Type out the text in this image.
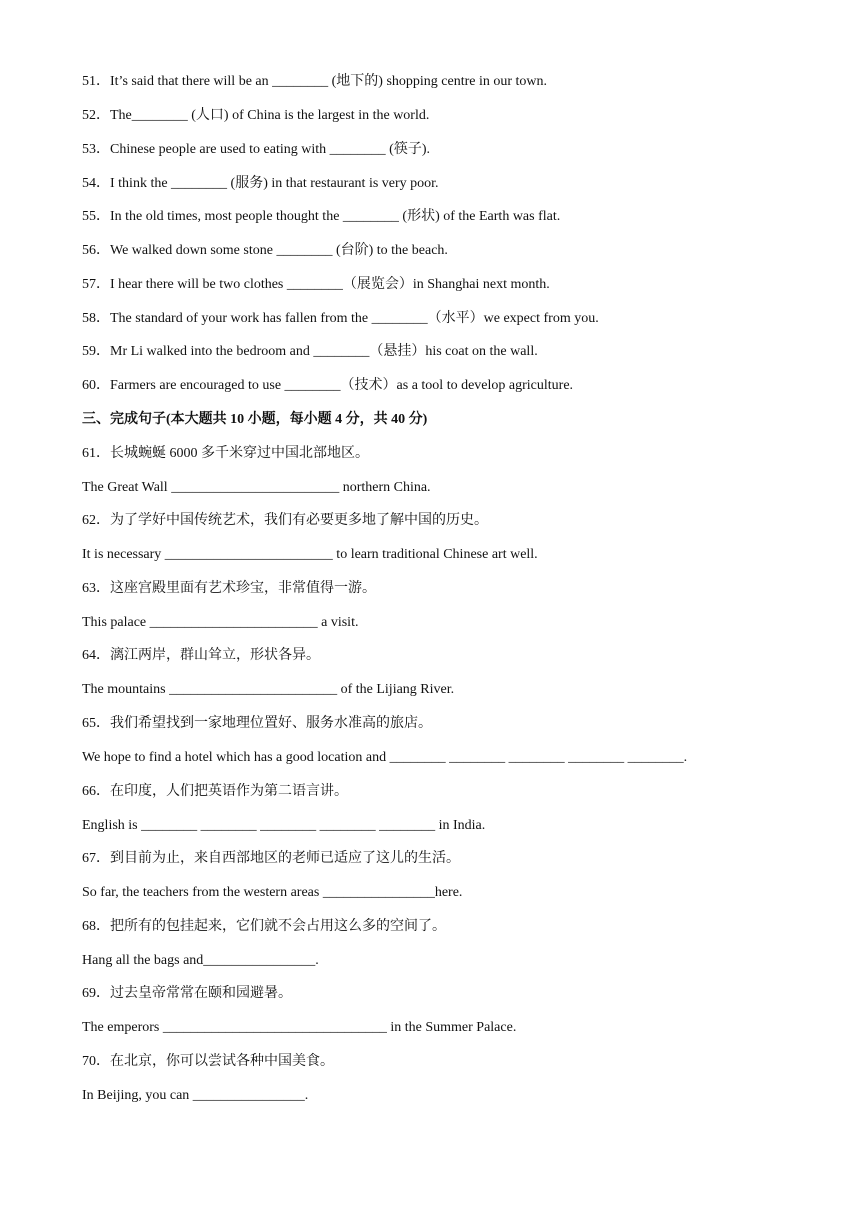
51．It’s said that there will be an ________ (地下的) shopping centre in our town.
52．The________ (人口) of China is the largest in the world.
53．Chinese people are used to eating with ________ (筷子).
54．I think the ________ (服务) in that restaurant is very poor.
55．In the old times, most people thought the ________ (形状) of the Earth was flat.
56．We walked down some stone ________ (台阶) to the beach.
57．I hear there will be two clothes ________（展览会）in Shanghai next month.
58．The standard of your work has fallen from the ________（水平）we expect from you.
59．Mr Li walked into the bedroom and ________（悬挂）his coat on the wall.
60．Farmers are encouraged to use ________（技术）as a tool to develop agriculture.
三、完成句子(本大题共 10 小题，每小题 4 分，共 40 分)
61．长城蜿蜒 6000 多千米穿过中国北部地区。
The Great Wall ________________________ northern China.
62．为了学好中国传统艺术，我们有必要更多地了解中国的历史。
It is necessary ________________________ to learn traditional Chinese art well.
63．这座宫殿里面有艺术珍宝，非常值得一游。
This palace ________________________ a visit.
64．漓江两岸，群山耸立，形状各异。
The mountains ________________________ of the Lijiang River.
65．我们希望找到一家地理位置好、服务水准高的旅店。
We hope to find a hotel which has a good location and ________ ________ ________ ________ ________.
66．在印度，人们把英语作为第二语言讲。
English is ________ ________ ________ ________ ________ in India.
67．到目前为止，来自西部地区的老师已适应了这儿的生活。
So far, the teachers from the western areas ________________here.
68．把所有的包挂起来，它们就不会占用这么多的空间了。
Hang all the bags and________________.
69．过去皇帝常常在颐和园避暑。
The emperors ________________________________ in the Summer Palace.
70．在北京，你可以尝试各种中国美食。
In Beijing, you can ________________.
